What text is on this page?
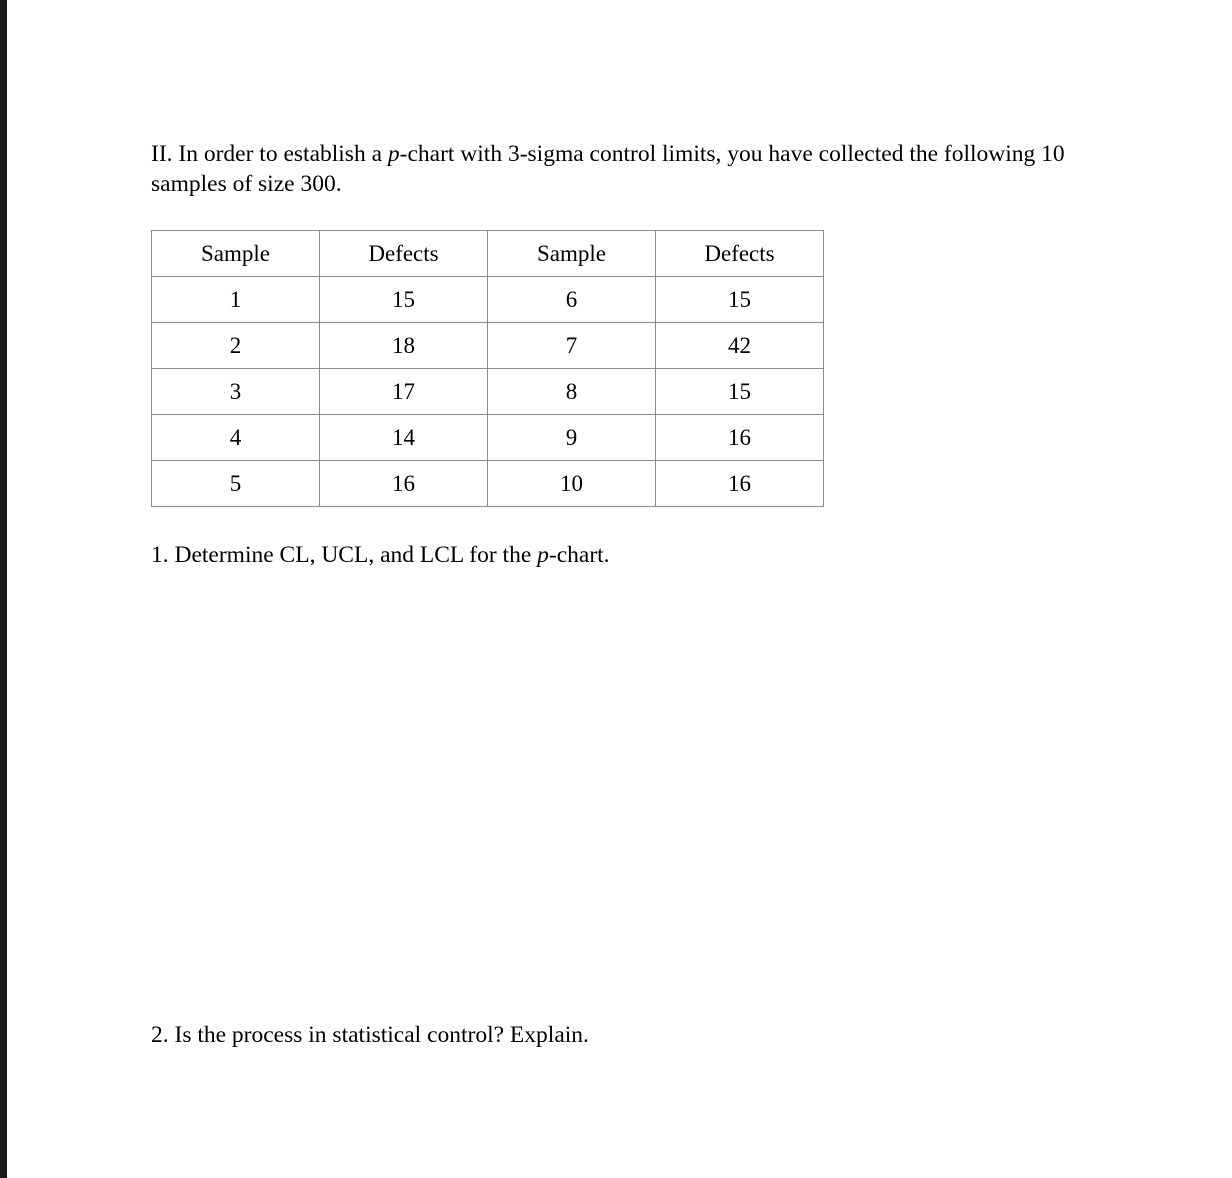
II. In order to establish a p-chart with 3-sigma control limits, you have collected the following 10 samples of size 300.

Sample	Defects	Sample	Defects
1	15	6	15
2	18	7	42
3	17	8	15
4	14	9	16
5	16	10	16

1. Determine CL, UCL, and LCL for the p-chart.

2. Is the process in statistical control? Explain.
